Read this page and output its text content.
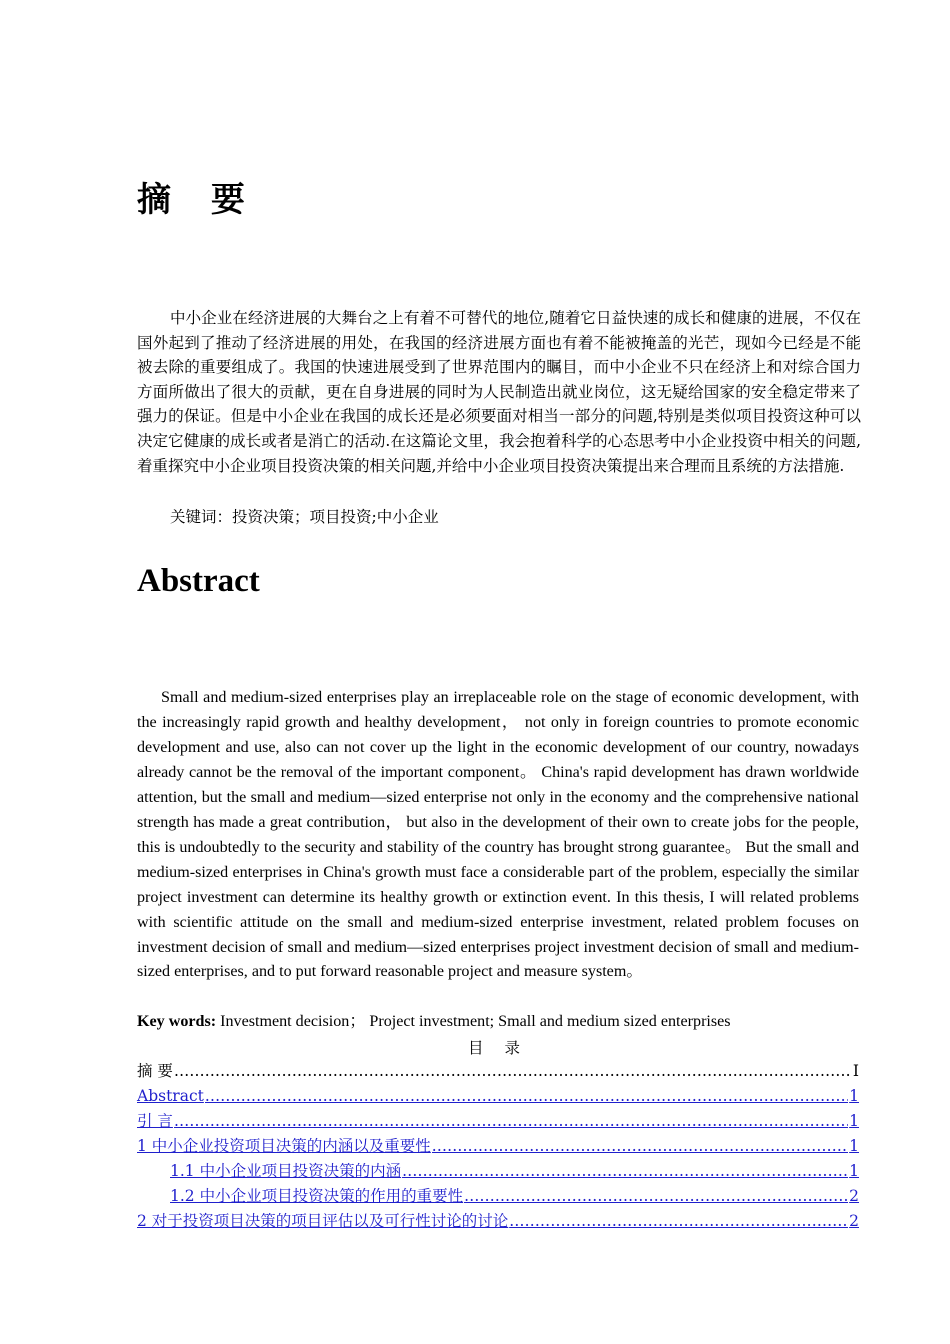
摘 要

中小企业在经济进展的大舞台之上有着不可替代的地位,随着它日益快速的成长和健康的进展，不仅在国外起到了推动了经济进展的用处，在我国的经济进展方面也有着不能被掩盖的光芒，现如今已经是不能被去除的重要组成了。我国的快速进展受到了世界范围内的瞩目，而中小企业不只在经济上和对综合国力方面所做出了很大的贡献，更在自身进展的同时为人民制造出就业岗位，这无疑给国家的安全稳定带来了强力的保证。但是中小企业在我国的成长还是必须要面对相当一部分的问题,特别是类似项目投资这种可以决定它健康的成长或者是消亡的活动.在这篇论文里，我会抱着科学的心态思考中小企业投资中相关的问题,着重探究中小企业项目投资决策的相关问题,并给中小企业项目投资决策提出来合理而且系统的方法措施.

关键词：投资决策；项目投资;中小企业

Abstract

Small and medium-sized enterprises play an irreplaceable role on the stage of economic development, with the increasingly rapid growth and healthy development， not only in foreign countries to promote economic development and use, also can not cover up the light in the economic development of our country, nowadays already cannot be the removal of the important component。 China's rapid development has drawn worldwide attention, but the small and medium—sized enterprise not only in the economy and the comprehensive national strength has made a great contribution， but also in the development of their own to create jobs for the people, this is undoubtedly to the security and stability of the country has brought strong guarantee。 But the small and medium-sized enterprises in China's growth must face a considerable part of the problem, especially the similar project investment can determine its healthy growth or extinction event. In this thesis, I will related problems with scientific attitude on the small and medium-sized enterprise investment, related problem focuses on investment decision of small and medium—sized enterprises project investment decision of small and medium-sized enterprises, and to put forward reasonable project and measure system。

Key words: Investment decision； Project investment; Small and medium sized enterprises

目 录

摘 要 .....	I
Abstract .....	1
引 言 .....	1
1 中小企业投资项目决策的内涵以及重要性 .....	1
1.1 中小企业项目投资决策的内涵 .....	1
1.2 中小企业项目投资决策的作用的重要性 .....	2
2 对于投资项目决策的项目评估以及可行性讨论的讨论 .....	2
